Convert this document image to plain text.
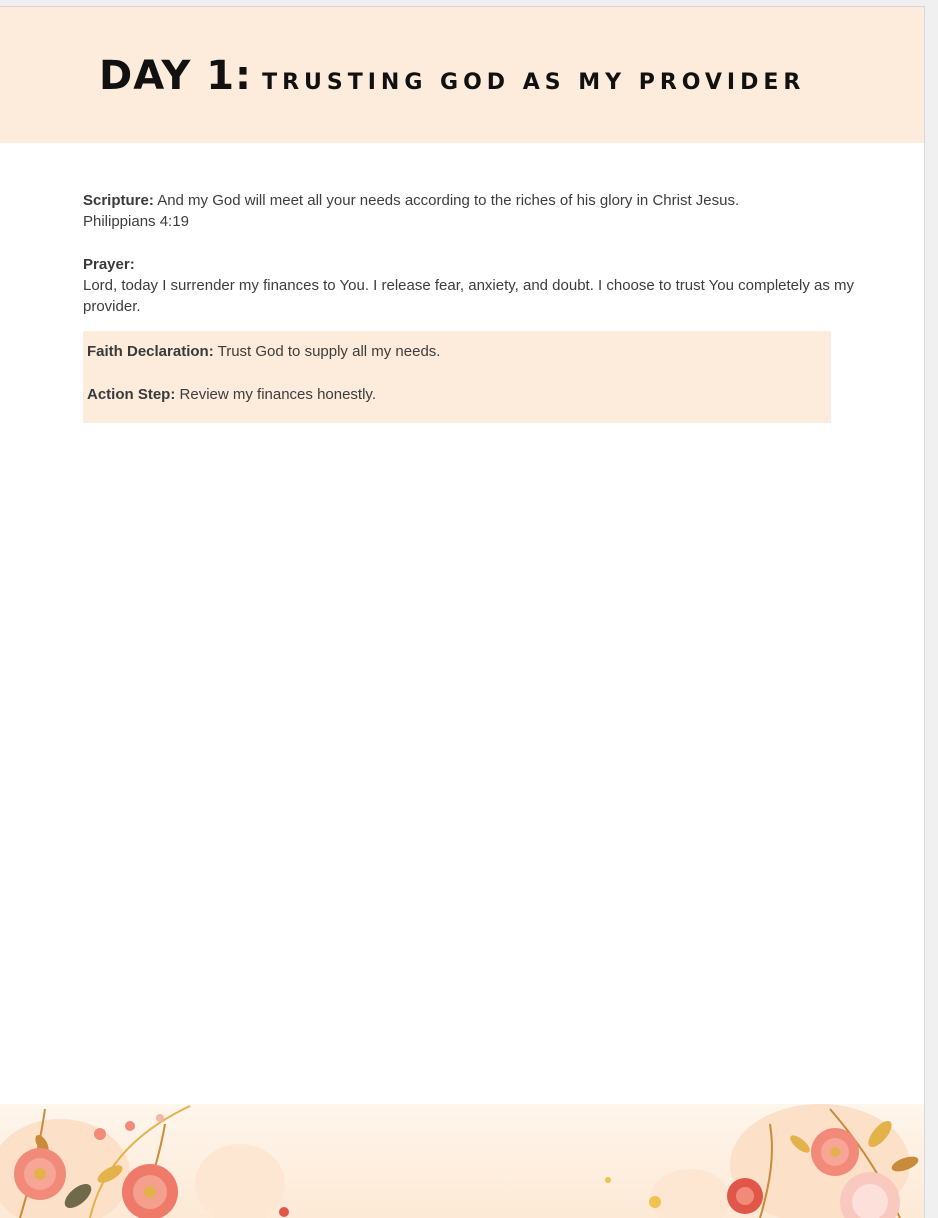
DAY 1: TRUSTING GOD AS MY PROVIDER
Scripture: And my God will meet all your needs according to the riches of his glory in Christ Jesus.
Philippians 4:19
Prayer:
Lord, today I surrender my finances to You. I release fear, anxiety, and doubt. I choose to trust You completely as my provider.

Faith Declaration: Trust God to supply all my needs.

Action Step: Review my finances honestly.
